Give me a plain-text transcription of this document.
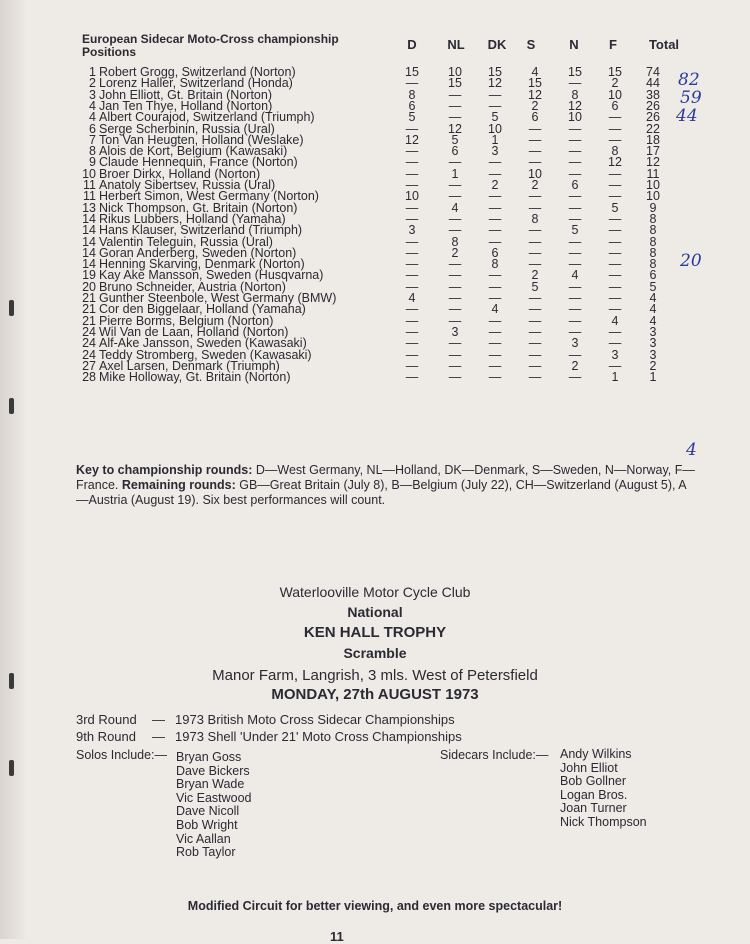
European Sidecar Moto-Cross championship
Positions	D	NL	DK	S	N	F	Total
1 Robert Grogg, Switzerland (Norton)	15	10	15	4	15	15	74
2 Lorenz Haller, Switzerland (Honda)	—	15	12	15	—	2	44
3 John Elliott, Gt. Britain (Norton)	8	—	—	12	8	10	38
4 Jan Ten Thye, Holland (Norton)	6	—	—	2	12	6	26
4 Albert Courajod, Switzerland (Triumph)	5	—	5	6	10	—	26
6 Serge Scherbinin, Russia (Ural)	—	12	10	—	—	—	22
7 Ton Van Heugten, Holland (Weslake)	12	5	1	—	—	—	18
8 Alois de Kort, Belgium (Kawasaki)	—	6	3	—	—	8	17
9 Claude Hennequin, France (Norton)	—	—	—	—	—	12	12
10 Broer Dirkx, Holland (Norton)	—	1	—	10	—	—	11
11 Anatoly Sibertsev, Russia (Ural)	—	—	2	2	6	—	10
11 Herbert Simon, West Germany (Norton)	10	—	—	—	—	—	10
13 Nick Thompson, Gt. Britain (Norton)	—	4	—	—	—	5	9
14 Rikus Lubbers, Holland (Yamaha)	—	—	—	8	—	—	8
14 Hans Klauser, Switzerland (Triumph)	3	—	—	—	5	—	8
14 Valentin Teleguin, Russia (Ural)	—	8	—	—	—	—	8
14 Goran Anderberg, Sweden (Norton)	—	2	6	—	—	—	8
14 Henning Skarving, Denmark (Norton)	—	—	8	—	—	—	8
19 Kay Ake Mansson, Sweden (Husqvarna)	—	—	—	2	4	—	6
20 Bruno Schneider, Austria (Norton)	—	—	—	5	—	—	5
21 Gunther Steenbole, West Germany (BMW)	4	—	—	—	—	—	4
21 Cor den Biggelaar, Holland (Yamaha)	—	—	4	—	—	—	4
21 Pierre Borms, Belgium (Norton)	—	—	—	—	—	4	4
24 Wil Van de Laan, Holland (Norton)	—	3	—	—	—	—	3
24 Alf-Ake Jansson, Sweden (Kawasaki)	—	—	—	—	3	—	3
24 Teddy Stromberg, Sweden (Kawasaki)	—	—	—	—	—	3	3
27 Axel Larsen, Denmark (Triumph)	—	—	—	—	2	—	2
28 Mike Holloway, Gt. Britain (Norton)	—	—	—	—	—	1	1
82
59
44
20
4
Key to championship rounds: D—West Germany, NL—Holland, DK—Denmark, S—Sweden, N—Norway, F—France. Remaining rounds: GB—Great Britain (July 8), B—Belgium (July 22), CH—Switzerland (August 5), A—Austria (August 19). Six best performances will count.
Waterlooville Motor Cycle Club
National
KEN HALL TROPHY
Scramble
Manor Farm, Langrish, 3 mls. West of Petersfield
MONDAY, 27th AUGUST 1973
3rd Round — 1973 British Moto Cross Sidecar Championships
9th Round — 1973 Shell 'Under 21' Moto Cross Championships
Solos Include:— Bryan Goss
Dave Bickers
Bryan Wade
Vic Eastwood
Dave Nicoll
Bob Wright
Vic Aallan
Rob Taylor
Sidecars Include:— Andy Wilkins
John Elliot
Bob Gollner
Logan Bros.
Joan Turner
Nick Thompson
Modified Circuit for better viewing, and even more spectacular!
11
